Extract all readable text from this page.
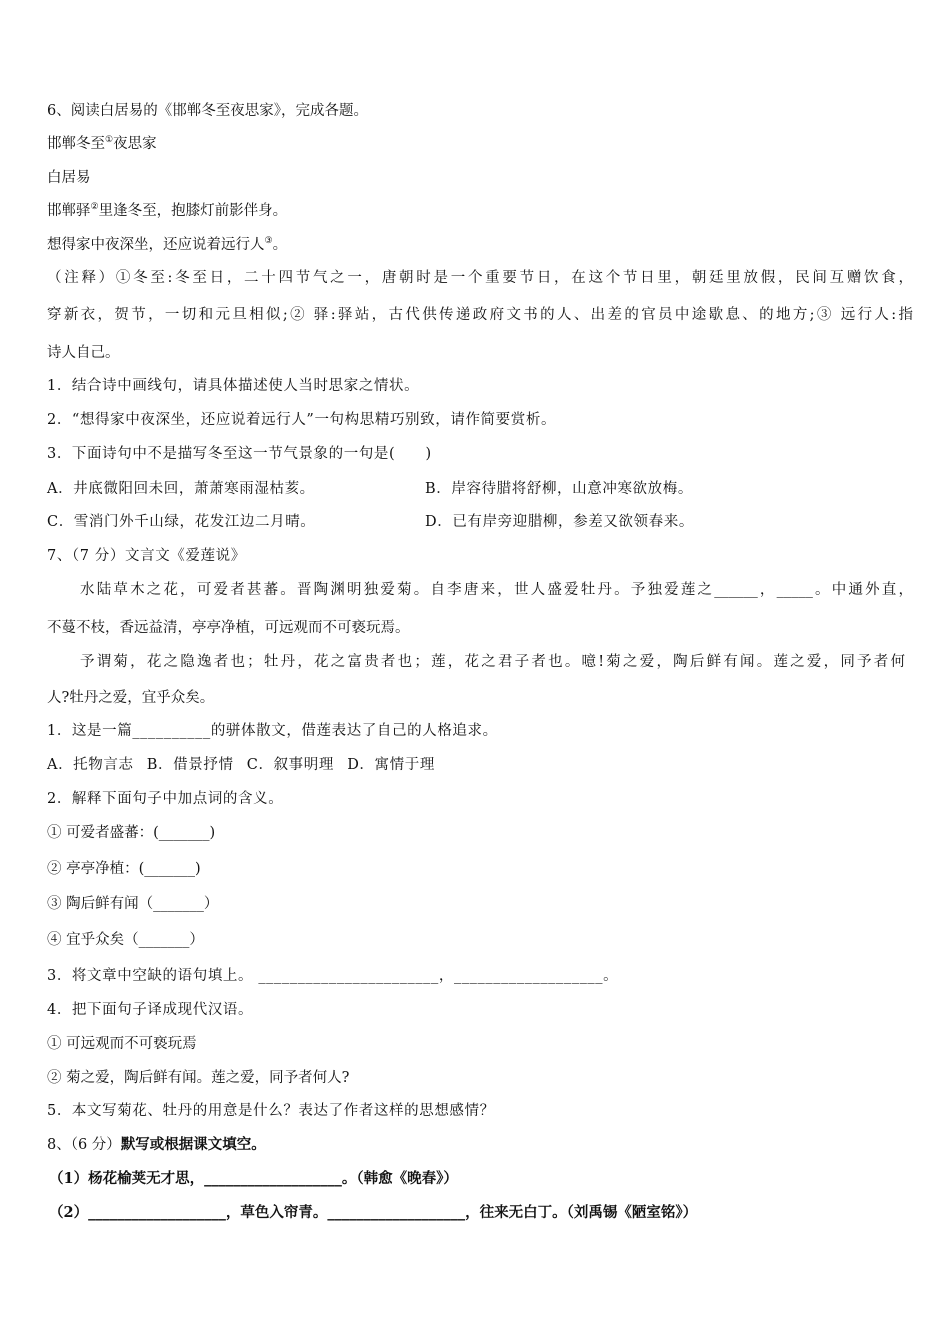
6、阅读白居易的《邯郸冬至夜思家》，完成各题。
邯郸冬至①夜思家
白居易
邯郸驿②里逢冬至，抱膝灯前影伴身。
想得家中夜深坐，还应说着远行人③。
（注释）①冬至:冬至日，二十四节气之一，唐朝时是一个重要节日，在这个节日里，朝廷里放假，民间互赠饮食，
穿新衣，贺节，一切和元旦相似;② 驿:驿站，古代供传递政府文书的人、出差的官员中途歇息、的地方;③ 远行人:指
诗人自己。
1．结合诗中画线句，请具体描述使人当时思家之情状。
2．“想得家中夜深坐，还应说着远行人”一句构思精巧别致，请作简要赏析。
3．下面诗句中不是描写冬至这一节气景象的一句是(　　)
A．井底微阳回未回，萧萧寒雨湿枯荄。	B．岸容待腊将舒柳，山意冲寒欲放梅。
C．雪消门外千山绿，花发江边二月晴。	D．已有岸旁迎腊柳，参差又欲领春来。
7、（7 分）文言文《爱莲说》
水陆草木之花，可爱者甚蕃。晋陶渊明独爱菊。自李唐来，世人盛爱牡丹。予独爱莲之______，_____。中通外直，
不蔓不枝，香远益清，亭亭净植，可远观而不可亵玩焉。
予谓菊，花之隐逸者也；牡丹，花之富贵者也；莲，花之君子者也。噫!菊之爱，陶后鲜有闻。莲之爱，同予者何
人?牡丹之爱，宜乎众矣。
1．这是一篇__________的骈体散文，借莲表达了自己的人格追求。
A．托物言志 B．借景抒情 C．叙事明理 D．寓情于理
2．解释下面句子中加点词的含义。
① 可爱者盛蕃：(_______)
② 亭亭净植：(_______)
③ 陶后鲜有闻（_______）
④ 宜乎众矣（_______）
3．将文章中空缺的语句填上。 _______________________，___________________。
4．把下面句子译成现代汉语。
① 可远观而不可亵玩焉
② 菊之爱，陶后鲜有闻。莲之爱，同予者何人?
5．本文写菊花、牡丹的用意是什么？表达了作者这样的思想感情？
8、（6 分）默写或根据课文填空。
（1）杨花榆荚无才思，___________________。（韩愈《晚春》）
（2）___________________，草色入帘青。___________________，往来无白丁。（刘禹锡《陋室铭》）
